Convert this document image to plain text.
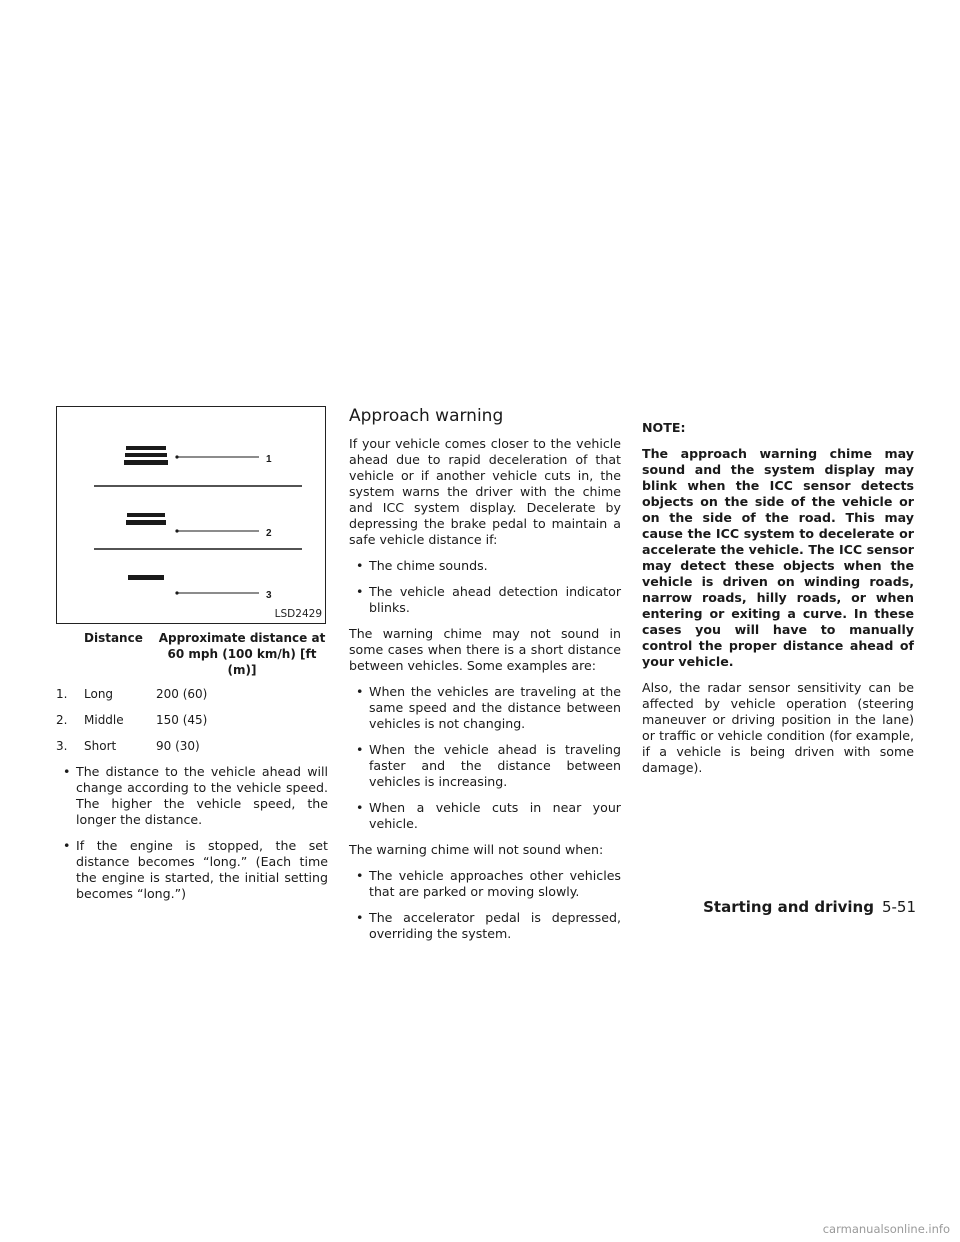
1
2
3
LSD2429
Distance	Approximate distance at
60 mph (100 km/h) [ft (m)]
1.	Long	200 (60)
2.	Middle	150 (45)
3.	Short	90 (30)
• The distance to the vehicle ahead will change according to the vehicle speed. The higher the vehicle speed, the longer the distance.
• If the engine is stopped, the set distance becomes “long.” (Each time the engine is started, the initial setting becomes “long.”)
Approach warning

If your vehicle comes closer to the vehicle ahead due to rapid deceleration of that vehicle or if another vehicle cuts in, the system warns the driver with the chime and ICC system display. Decelerate by depressing the brake pedal to maintain a safe vehicle distance if:

• The chime sounds.
• The vehicle ahead detection indicator blinks.

The warning chime may not sound in some cases when there is a short distance between vehicles. Some examples are:

• When the vehicles are traveling at the same speed and the distance between vehicles is not changing.
• When the vehicle ahead is traveling faster and the distance between vehicles is increasing.
• When a vehicle cuts in near your vehicle.

The warning chime will not sound when:

• The vehicle approaches other vehicles that are parked or moving slowly.
• The accelerator pedal is depressed, overriding the system.

NOTE:

The approach warning chime may sound and the system display may blink when the ICC sensor detects objects on the side of the vehicle or on the side of the road. This may cause the ICC system to decelerate or accelerate the vehicle. The ICC sensor may detect these objects when the vehicle is driven on winding roads, narrow roads, hilly roads, or when entering or exiting a curve. In these cases you will have to manually control the proper distance ahead of your vehicle.

Also, the radar sensor sensitivity can be affected by vehicle operation (steering maneuver or driving position in the lane) or traffic or vehicle condition (for example, if a vehicle is being driven with some damage).

Starting and driving 5-51
carmanualsonline.info
